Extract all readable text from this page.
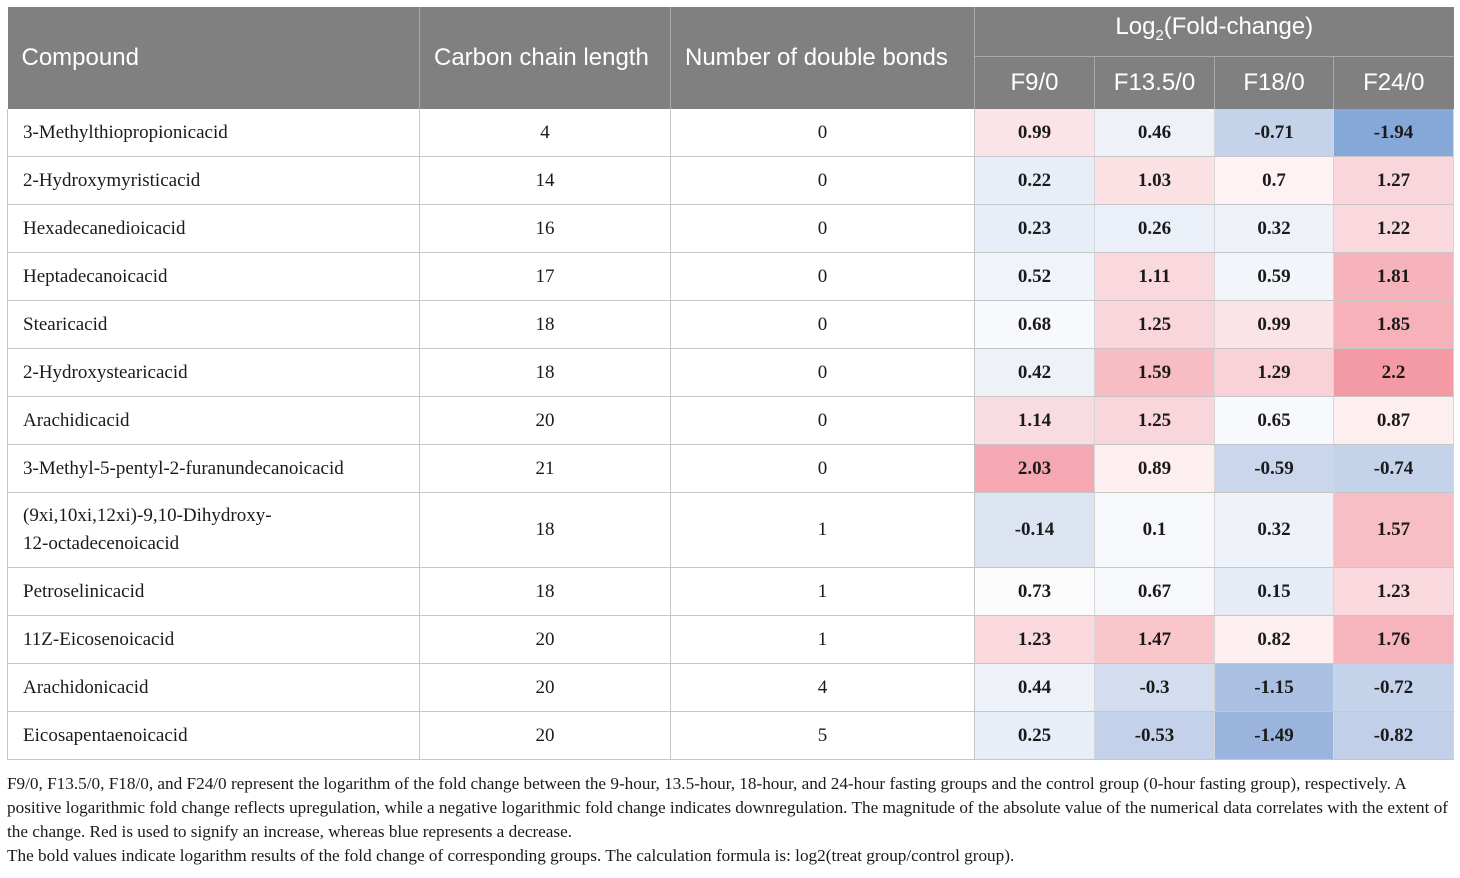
Compound	Carbon chain length	Number of double bonds	Log$_2$(Fold-change)			
			F9/0	F13.5/0	F18/0	F24/0
3-Methylthiopropionicacid	4	0	0.99	0.46	-0.71	-1.94
2-Hydroxymyristicacid	14	0	0.22	1.03	0.7	1.27
Hexadecanedioicacid	16	0	0.23	0.26	0.32	1.22
Heptadecanoicacid	17	0	0.52	1.11	0.59	1.81
Stearicacid	18	0	0.68	1.25	0.99	1.85
2-Hydroxystearicacid	18	0	0.42	1.59	1.29	2.2
Arachidicacid	20	0	1.14	1.25	0.65	0.87
3-Methyl-5-pentyl-2-furanundecanoicacid	21	0	2.03	0.89	-0.59	-0.74
(9xi,10xi,12xi)-9,10-Dihydroxy-12-octadecenoicacid	18	1	-0.14	0.1	0.32	1.57
Petroselinicacid	18	1	0.73	0.67	0.15	1.23
11Z-Eicosenoicacid	20	1	1.23	1.47	0.82	1.76
Arachidonicacid	20	4	0.44	-0.3	-1.15	-0.72
Eicosapentaenoicacid	20	5	0.25	-0.53	-1.49	-0.82

F9/0, F13.5/0, F18/0, and F24/0 represent the logarithm of the fold change between the 9-hour, 13.5-hour, 18-hour, and 24-hour fasting groups and the control group (0-hour fasting group), respectively. A positive logarithmic fold change reflects upregulation, while a negative logarithmic fold change indicates downregulation. The magnitude of the absolute value of the numerical data correlates with the extent of the change. Red is used to signify an increase, whereas blue represents a decrease.

The bold values indicate logarithm results of the fold change of corresponding groups. The calculation formula is: log2(treat group/control group).
